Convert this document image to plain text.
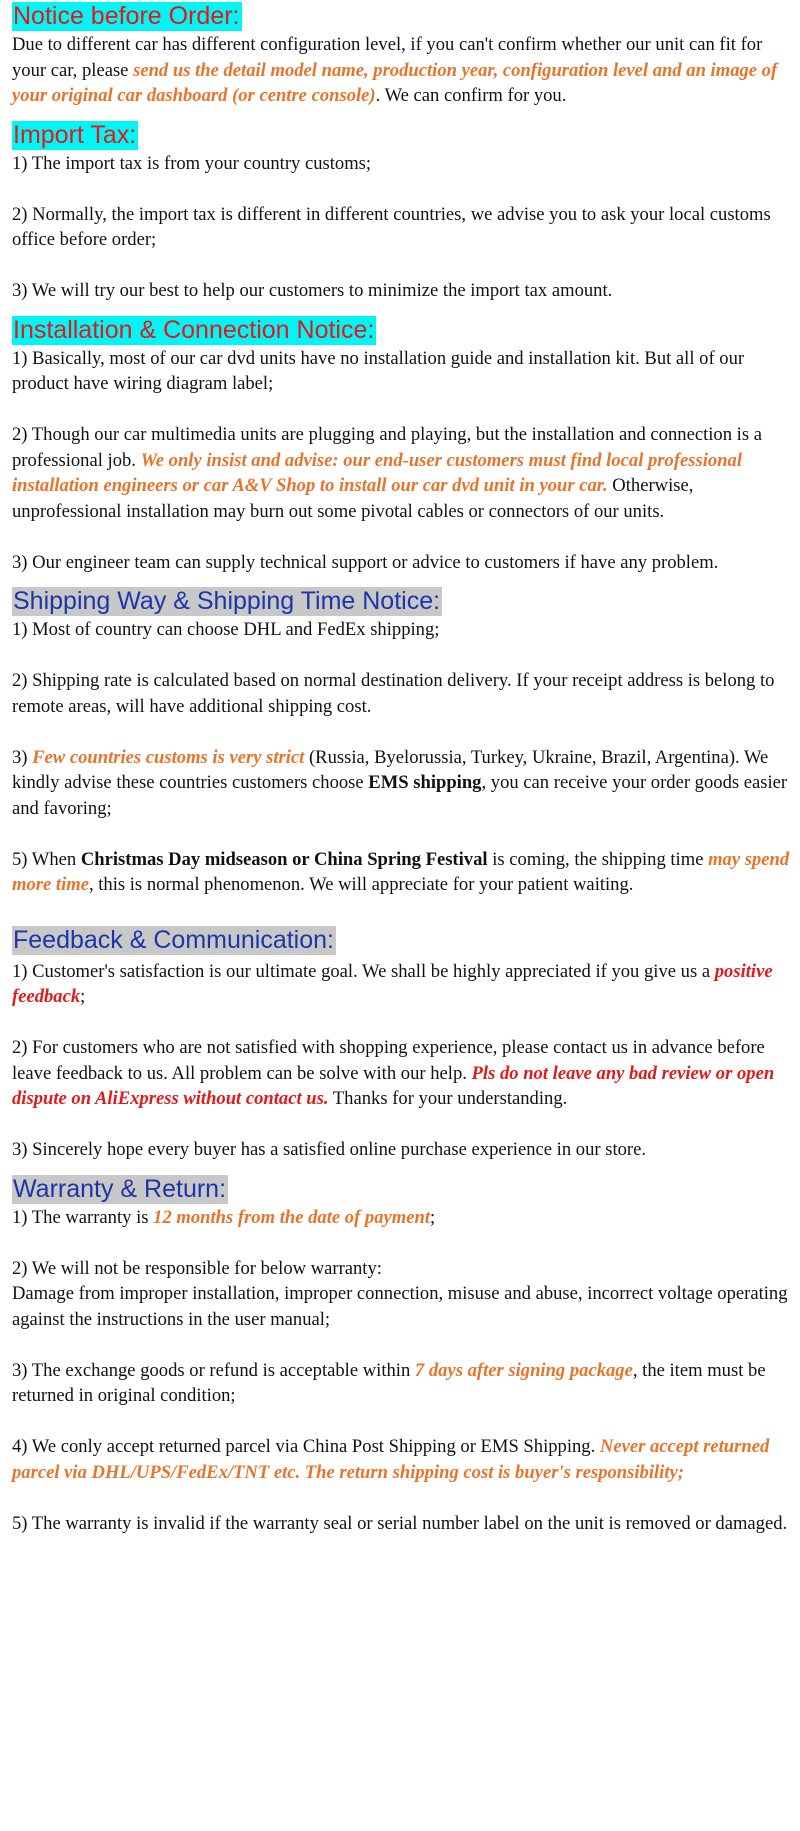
Notice before Order:

Due to different car has different configuration level, if you can't confirm whether our unit can fit for your car, please send us the detail model name, production year, configuration level and an image of your original car dashboard (or centre console). We can confirm for you.

Import Tax:

1) The import tax is from your country customs;

2) Normally, the import tax is different in different countries, we advise you to ask your local customs office before order;

3) We will try our best to help our customers to minimize the import tax amount.

Installation & Connection Notice:

1) Basically, most of our car dvd units have no installation guide and installation kit. But all of our product have wiring diagram label;

2) Though our car multimedia units are plugging and playing, but the installation and connection is a professional job. We only insist and advise: our end-user customers must find local professional installation engineers or car A&V Shop to install our car dvd unit in your car. Otherwise, unprofessional installation may burn out some pivotal cables or connectors of our units.

3) Our engineer team can supply technical support or advice to customers if have any problem.

Shipping Way & Shipping Time Notice:

1) Most of country can choose DHL and FedEx shipping;

2) Shipping rate is calculated based on normal destination delivery. If your receipt address is belong to remote areas, will have additional shipping cost.

3) Few countries customs is very strict (Russia, Byelorussia, Turkey, Ukraine, Brazil, Argentina). We kindly advise these countries customers choose EMS shipping, you can receive your order goods easier and favoring;

5) When Christmas Day midseason or China Spring Festival is coming, the shipping time may spend more time, this is normal phenomenon. We will appreciate for your patient waiting.

Feedback & Communication:

1) Customer's satisfaction is our ultimate goal. We shall be highly appreciated if you give us a positive feedback;

2) For customers who are not satisfied with shopping experience, please contact us in advance before leave feedback to us. All problem can be solve with our help. Pls do not leave any bad review or open dispute on AliExpress without contact us. Thanks for your understanding.

3) Sincerely hope every buyer has a satisfied online purchase experience in our store.

Warranty & Return:

1) The warranty is 12 months from the date of payment;

2) We will not be responsible for below warranty:

Damage from improper installation, improper connection, misuse and abuse, incorrect voltage operating against the instructions in the user manual;

3) The exchange goods or refund is acceptable within 7 days after signing package, the item must be returned in original condition;

4) We conly accept returned parcel via China Post Shipping or EMS Shipping. Never accept returned parcel via DHL/UPS/FedEx/TNT etc. The return shipping cost is buyer's responsibility;

5) The warranty is invalid if the warranty seal or serial number label on the unit is removed or damaged.
